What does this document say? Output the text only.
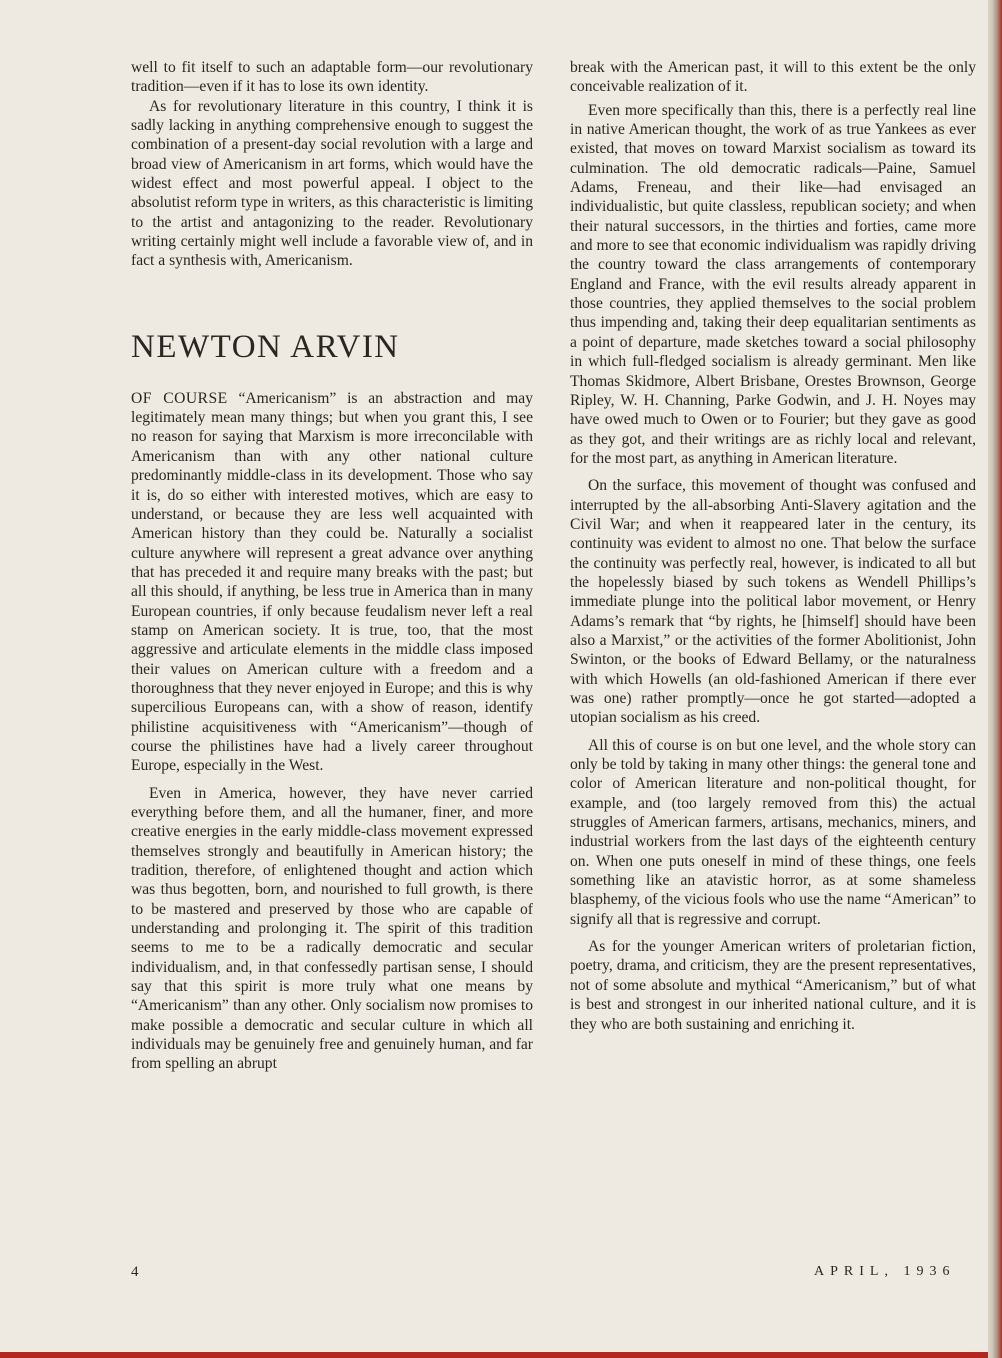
well to fit itself to such an adaptable form—our revolutionary tradition—even if it has to lose its own identity.

As for revolutionary literature in this country, I think it is sadly lacking in anything comprehensive enough to suggest the combination of a present-day social revolution with a large and broad view of Americanism in art forms, which would have the widest effect and most powerful appeal. I object to the absolutist reform type in writers, as this characteristic is limiting to the artist and antagonizing to the reader. Revolutionary writing certainly might well include a favorable view of, and in fact a synthesis with, Americanism.

NEWTON ARVIN

OF COURSE “Americanism” is an abstraction and may legitimately mean many things; but when you grant this, I see no reason for saying that Marxism is more irreconcilable with Americanism than with any other national culture predominantly middle-class in its development. Those who say it is, do so either with interested motives, which are easy to understand, or because they are less well acquainted with American history than they could be. Naturally a socialist culture anywhere will represent a great advance over anything that has preceded it and require many breaks with the past; but all this should, if anything, be less true in America than in many European countries, if only because feudalism never left a real stamp on American society. It is true, too, that the most aggressive and articulate elements in the middle class imposed their values on American culture with a freedom and a thoroughness that they never enjoyed in Europe; and this is why supercilious Europeans can, with a show of reason, identify philistine acquisitiveness with “Americanism”—though of course the philistines have had a lively career throughout Europe, especially in the West.

Even in America, however, they have never carried everything before them, and all the humaner, finer, and more creative energies in the early middle-class movement expressed themselves strongly and beautifully in American history; the tradition, therefore, of enlightened thought and action which was thus begotten, born, and nourished to full growth, is there to be mastered and preserved by those who are capable of understanding and prolonging it. The spirit of this tradition seems to me to be a radically democratic and secular individualism, and, in that confessedly partisan sense, I should say that this spirit is more truly what one means by “Americanism” than any other. Only socialism now promises to make possible a democratic and secular culture in which all individuals may be genuinely free and genuinely human, and far from spelling an abrupt

break with the American past, it will to this extent be the only conceivable realization of it.

Even more specifically than this, there is a perfectly real line in native American thought, the work of as true Yankees as ever existed, that moves on toward Marxist socialism as toward its culmination. The old democratic radicals—Paine, Samuel Adams, Freneau, and their like—had envisaged an individualistic, but quite classless, republican society; and when their natural successors, in the thirties and forties, came more and more to see that economic individualism was rapidly driving the country toward the class arrangements of contemporary England and France, with the evil results already apparent in those countries, they applied themselves to the social problem thus impending and, taking their deep equalitarian sentiments as a point of departure, made sketches toward a social philosophy in which full-fledged socialism is already germinant. Men like Thomas Skidmore, Albert Brisbane, Orestes Brownson, George Ripley, W. H. Channing, Parke Godwin, and J. H. Noyes may have owed much to Owen or to Fourier; but they gave as good as they got, and their writings are as richly local and relevant, for the most part, as anything in American literature.

On the surface, this movement of thought was confused and interrupted by the all-absorbing Anti-Slavery agitation and the Civil War; and when it reappeared later in the century, its continuity was evident to almost no one. That below the surface the continuity was perfectly real, however, is indicated to all but the hopelessly biased by such tokens as Wendell Phillips’s immediate plunge into the political labor movement, or Henry Adams’s remark that “by rights, he [himself] should have been also a Marxist,” or the activities of the former Abolitionist, John Swinton, or the books of Edward Bellamy, or the naturalness with which Howells (an old-fashioned American if there ever was one) rather promptly—once he got started—adopted a utopian socialism as his creed.

All this of course is on but one level, and the whole story can only be told by taking in many other things: the general tone and color of American literature and non-political thought, for example, and (too largely removed from this) the actual struggles of American farmers, artisans, mechanics, miners, and industrial workers from the last days of the eighteenth century on. When one puts oneself in mind of these things, one feels something like an atavistic horror, as at some shameless blasphemy, of the vicious fools who use the name “American” to signify all that is regressive and corrupt.

As for the younger American writers of proletarian fiction, poetry, drama, and criticism, they are the present representatives, not of some absolute and mythical “Americanism,” but of what is best and strongest in our inherited national culture, and it is they who are both sustaining and enriching it.

4	APRIL, 1936
